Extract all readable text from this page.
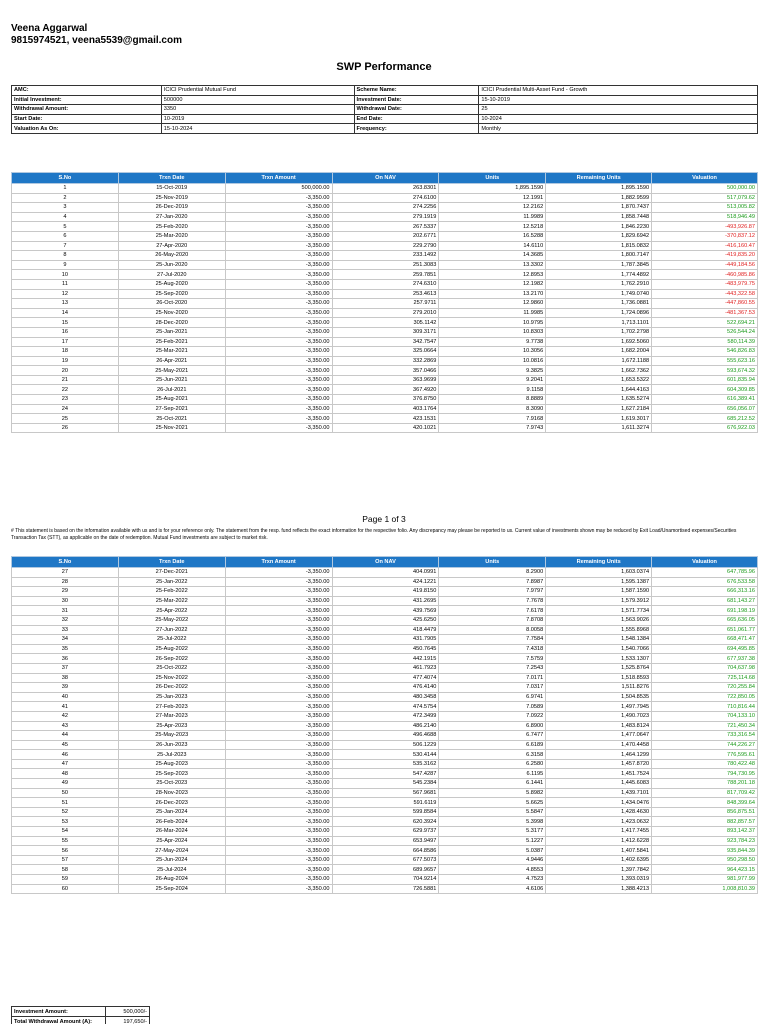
Veena Aggarwal
9815974521, veena5539@gmail.com
SWP Performance
AMC:	ICICI Prudential Mutual Fund	Scheme Name:	ICICI Prudential Multi-Asset Fund - Growth
Initial Investment:	500000	Investment Date:	15-10-2019
Withdrawal Amount:	3350	Withdrawal Date:	25
Start Date:	10-2019	End Date:	10-2024
Valuation As On:	15-10-2024	Frequency:	Monthly
S.No	Trxn Date	Trxn Amount	On NAV	Units	Remaining Units	Valuation
1	15-Oct-2019	500,000.00	263.8301	1,895.1590	1,895.1590	500,000.00
2	25-Nov-2019	-3,350.00	274.6100	12.1991	1,882.9599	517,079.62
3	26-Dec-2019	-3,350.00	274.2256	12.2162	1,870.7437	513,005.82
4	27-Jan-2020	-3,350.00	279.1919	11.9989	1,858.7448	518,946.49
5	25-Feb-2020	-3,350.00	267.5337	12.5218	1,846.2230	-493,926.87
6	25-Mar-2020	-3,350.00	202.6771	16.5288	1,829.6942	-370,837.12
7	27-Apr-2020	-3,350.00	229.2790	14.6110	1,815.0832	-416,160.47
8	26-May-2020	-3,350.00	233.1492	14.3685	1,800.7147	-419,835.20
9	25-Jun-2020	-3,350.00	251.3083	13.3302	1,787.3845	-449,184.56
10	27-Jul-2020	-3,350.00	259.7851	12.8953	1,774.4892	-460,985.86
11	25-Aug-2020	-3,350.00	274.6310	12.1982	1,762.2910	-483,979.75
12	25-Sep-2020	-3,350.00	253.4613	13.2170	1,749.0740	-443,322.58
13	26-Oct-2020	-3,350.00	257.9711	12.9860	1,736.0881	-447,860.55
14	25-Nov-2020	-3,350.00	279.2010	11.9985	1,724.0896	-481,367.53
15	28-Dec-2020	-3,350.00	305.1142	10.9795	1,713.1101	522,694.21
16	25-Jan-2021	-3,350.00	309.3171	10.8303	1,702.2798	526,544.24
17	25-Feb-2021	-3,350.00	342.7547	9.7738	1,692.5060	580,114.39
18	25-Mar-2021	-3,350.00	325.0664	10.3056	1,682.2004	546,826.83
19	26-Apr-2021	-3,350.00	332.2869	10.0816	1,672.1188	555,623.16
20	25-May-2021	-3,350.00	357.0466	9.3825	1,662.7362	593,674.32
21	25-Jun-2021	-3,350.00	363.9699	9.2041	1,653.5322	601,835.94
22	26-Jul-2021	-3,350.00	367.4920	9.1158	1,644.4163	604,309.85
23	25-Aug-2021	-3,350.00	376.8750	8.8889	1,635.5274	616,389.41
24	27-Sep-2021	-3,350.00	403.1764	8.3090	1,627.2184	656,056.07
25	25-Oct-2021	-3,350.00	423.1531	7.9168	1,619.3017	685,212.52
26	25-Nov-2021	-3,350.00	420.1021	7.9743	1,611.3274	676,922.03
Page 1 of 3
# This statement is based on the information available with us and is for your reference only. The statement from the resp. fund reflects the exact information for the respective folio. Any discrepancy may please be reported to us. Current value of investments shown may be reduced by Exit Load/Unamortised expenses/Securities Transaction Tax (STT), as applicable on the date of redemption. Mutual Fund investments are subject to market risk.
S.No	Trxn Date	Trxn Amount	On NAV	Units	Remaining Units	Valuation
27	27-Dec-2021	-3,350.00	404.0991	8.2900	1,603.0374	647,785.96
28	25-Jan-2022	-3,350.00	424.1221	7.8987	1,595.1387	676,533.58
29	25-Feb-2022	-3,350.00	419.8150	7.9797	1,587.1590	666,313.16
30	25-Mar-2022	-3,350.00	431.2695	7.7678	1,579.3912	681,143.27
31	25-Apr-2022	-3,350.00	439.7569	7.6178	1,571.7734	691,198.19
32	25-May-2022	-3,350.00	425.6250	7.8708	1,563.9026	665,636.05
33	27-Jun-2022	-3,350.00	418.4479	8.0058	1,555.8968	651,061.77
34	25-Jul-2022	-3,350.00	431.7905	7.7584	1,548.1384	668,471.47
35	25-Aug-2022	-3,350.00	450.7645	7.4318	1,540.7066	694,495.85
36	26-Sep-2022	-3,350.00	442.1915	7.5759	1,533.1307	677,937.38
37	25-Oct-2022	-3,350.00	461.7923	7.2543	1,525.8764	704,637.98
38	25-Nov-2022	-3,350.00	477.4074	7.0171	1,518.8593	725,114.68
39	26-Dec-2022	-3,350.00	476.4140	7.0317	1,511.8276	720,255.84
40	25-Jan-2023	-3,350.00	480.3458	6.9741	1,504.8535	722,850.05
41	27-Feb-2023	-3,350.00	474.5754	7.0589	1,497.7945	710,816.44
42	27-Mar-2023	-3,350.00	472.3499	7.0922	1,490.7023	704,133.10
43	25-Apr-2023	-3,350.00	486.2140	6.8900	1,483.8124	721,450.34
44	25-May-2023	-3,350.00	496.4688	6.7477	1,477.0647	733,316.54
45	26-Jun-2023	-3,350.00	506.1229	6.6189	1,470.4458	744,226.27
46	25-Jul-2023	-3,350.00	530.4144	6.3158	1,464.1299	776,595.61
47	25-Aug-2023	-3,350.00	535.3162	6.2580	1,457.8720	780,422.48
48	25-Sep-2023	-3,350.00	547.4287	6.1195	1,451.7524	794,730.95
49	25-Oct-2023	-3,350.00	545.2384	6.1441	1,445.6083	788,201.18
50	28-Nov-2023	-3,350.00	567.9681	5.8982	1,439.7101	817,709.42
51	26-Dec-2023	-3,350.00	591.6119	5.6625	1,434.0476	848,399.64
52	25-Jan-2024	-3,350.00	599.8584	5.5847	1,428.4630	856,875.51
53	26-Feb-2024	-3,350.00	620.3924	5.3998	1,423.0632	882,857.57
54	26-Mar-2024	-3,350.00	629.9737	5.3177	1,417.7455	893,142.37
55	25-Apr-2024	-3,350.00	653.9497	5.1227	1,412.6228	923,784.23
56	27-May-2024	-3,350.00	664.8586	5.0387	1,407.5841	935,844.39
57	25-Jun-2024	-3,350.00	677.5073	4.9446	1,402.6395	950,298.50
58	25-Jul-2024	-3,350.00	689.9657	4.8553	1,397.7842	964,423.15
59	26-Aug-2024	-3,350.00	704.9214	4.7523	1,393.0319	981,977.99
60	25-Sep-2024	-3,350.00	726.5881	4.6106	1,388.4213	1,008,810.39
Investment Amount:	500,000/-
Total Withdrawal Amount (A):	197,650/-
